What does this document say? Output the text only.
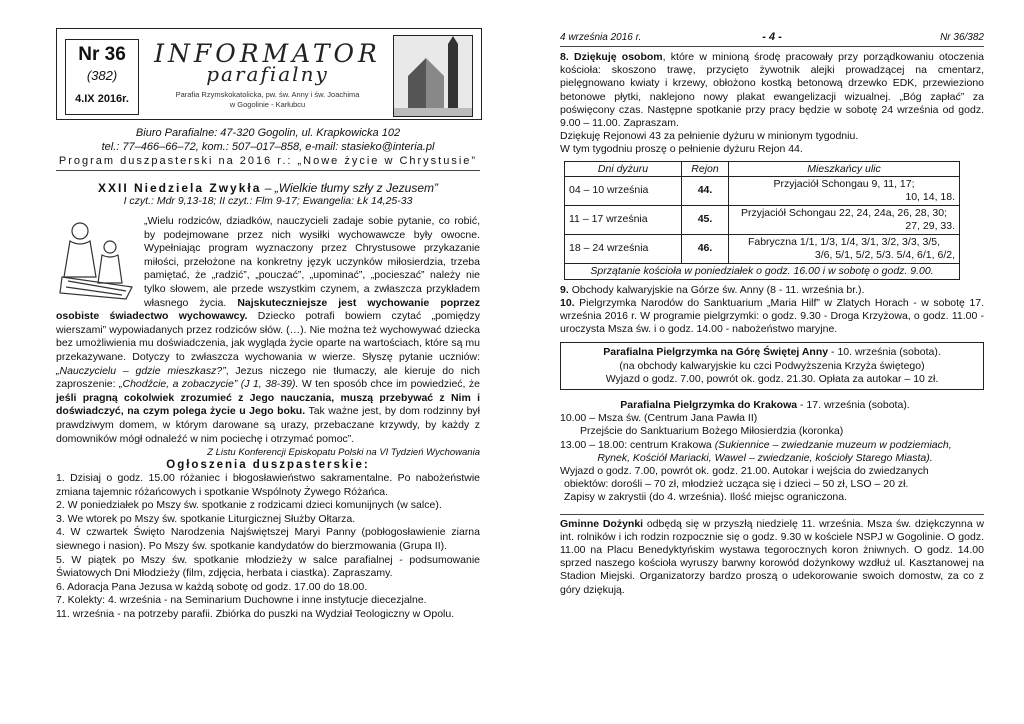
Nr 36
(382)
4.IX 2016r.
INFORMATOR
parafialny
Parafia Rzymskokatolicka, pw. św. Anny i św. Joachima
w Gogolinie - Karłubcu
Biuro Parafialne: 47-320 Gogolin, ul. Krapkowicka 102
tel.: 77–466–66–72, kom.: 507–017–858, e-mail: stasieko@interia.pl
Program duszpasterski na 2016 r.: „Nowe życie w Chrystusie”
XXII Niedziela Zwykła – „Wielkie tłumy szły z Jezusem”
I czyt.: Mdr 9,13-18; II czyt.: Flm 9-17; Ewangelia: Łk 14,25-33
„Wielu rodziców, dziadków, nauczycieli zadaje sobie pytanie, co robić, by podejmowane przez nich wysiłki wychowawcze były owocne. Wypełniając program wyznaczony przez Chrystusowe przykazanie miłości, przełożone na konkretny język uczynków miłosierdzia, trzeba pamiętać, że „radzić”, „pouczać”, „upominać”, „pocieszać” należy nie tylko słowem, ale przede wszystkim czynem, a zwłaszcza przykładem własnego życia. Najskuteczniejsze jest wychowanie poprzez osobiste świadectwo wychowawcy. Dziecko potrafi bowiem czytać „pomiędzy wierszami” wypowiadanych przez rodziców słów. (…). Nie można też wychowywać dziecka bez umożliwienia mu doświadczenia, jak wygląda życie oparte na wartościach, które są mu przekazywane. Dotyczy to zwłaszcza wychowania w wierze. Słyszę pytanie uczniów: „Nauczycielu – gdzie mieszkasz?”, Jezus niczego nie tłumaczy, ale kieruje do nich zaproszenie: „Chodźcie, a zobaczycie” (J 1, 38-39). W ten sposób chce im powiedzieć, że jeśli pragną cokolwiek zrozumieć z Jego nauczania, muszą przebywać z Nim i doświadczyć, na czym polega życie u Jego boku. Tak ważne jest, by dom rodzinny był prawdziwym domem, w którym darowane są urazy, przebaczane krzywdy, by każdy z domowników mógł odnaleźć w nim pociechę i otrzymać pomoc”.
Z Listu Konferencji Episkopatu Polski na VI Tydzień Wychowania
Ogłoszenia duszpasterskie:
1. Dzisiaj o godz. 15.00 różaniec i błogosławieństwo sakramentalne. Po nabożeństwie zmiana tajemnic różańcowych i spotkanie Wspólnoty Żywego Różańca.
2. W poniedziałek po Mszy św. spotkanie z rodzicami dzieci komunijnych (w salce).
3. We wtorek po Mszy św. spotkanie Liturgicznej Służby Ołtarza.
4. W czwartek Święto Narodzenia Najświętszej Maryi Panny (pobłogosławienie ziarna siewnego i nasion). Po Mszy św. spotkanie kandydatów do bierzmowania (Grupa II).
5. W piątek po Mszy św. spotkanie młodzieży w salce parafialnej - podsumowanie Światowych Dni Młodzieży (film, zdjęcia, herbata i ciastka). Zapraszamy.
6. Adoracja Pana Jezusa w każdą sobotę od godz. 17.00 do 18.00.
7. Kolekty: 4. września - na Seminarium Duchowne i inne instytucje diecezjalne.
11. września - na potrzeby parafii. Zbiórka do puszki na Wydział Teologiczny w Opolu.
4 września 2016 r.	- 4 -	Nr 36/382
8. Dziękuję osobom, które w minioną środę pracowały przy porządkowaniu otoczenia kościoła: skoszono trawę, przycięto żywotnik alejki prowadzącej na cmentarz, pielęgnowano kwiaty i krzewy, obłożono kostką betonową drzewko EDK, przewieziono betonowe płytki, naklejono nowy plakat ewangelizacji wizualnej. „Bóg zapłać” za poświęcony czas. Następne spotkanie przy pracy będzie w sobotę 24 września od godz. 9.00 – 11.00. Zapraszam.
Dziękuję Rejonowi 43 za pełnienie dyżuru w minionym tygodniu.
W tym tygodniu proszę o pełnienie dyżuru Rejon 44.
Dni dyżuru	Rejon	Mieszkańcy ulic
04 – 10 września	44.	Przyjaciół Schongau 9, 11, 17;
10, 14, 18.

11 – 17 września	45.	Przyjaciół Schongau 22, 24, 24a, 26, 28, 30;
27, 29, 33.

18 – 24 września	46.	Fabryczna 1/1, 1/3, 1/4, 3/1, 3/2, 3/3, 3/5,
3/6, 5/1, 5/2, 5/3. 5/4, 6/1, 6/2,

Sprzątanie kościoła w poniedziałek o godz. 16.00 i w sobotę o godz. 9.00.		
9. Obchody kalwaryjskie na Górze św. Anny (8 - 11. września br.).
10. Pielgrzymka Narodów do Sanktuarium „Maria Hilf” w Zlatych Horach - w sobotę 17. września 2016 r. W programie pielgrzymki: o godz. 9.30 - Droga Krzyżowa, o godz. 11.00 - uroczysta Msza św. i o godz. 14.00 - nabożeństwo maryjne.
Parafialna Pielgrzymka na Górę Świętej Anny - 10. września (sobota).
(na obchody kalwaryjskie ku czci Podwyższenia Krzyża świętego)
Wyjazd o godz. 7.00, powrót ok. godz. 21.30. Opłata za autokar – 10 zł.
Parafialna Pielgrzymka do Krakowa - 17. września (sobota).
10.00 – Msza św. (Centrum Jana Pawła II)
Przejście do Sanktuarium Bożego Miłosierdzia (koronka)
13.00 – 18.00: centrum Krakowa (Sukiennice – zwiedzanie muzeum w podziemiach,
Rynek, Kościół Mariacki, Wawel – zwiedzanie, kościoły Starego Miasta).
Wyjazd o godz. 7.00, powrót ok. godz. 21.00. Autokar i wejścia do zwiedzanych
obiektów: dorośli – 70 zł, młodzież ucząca się i dzieci – 50 zł, LSO – 20 zł.
Zapisy w zakrystii (do 4. września). Ilość miejsc ograniczona.
Gminne Dożynki odbędą się w przyszłą niedzielę 11. września. Msza św. dziękczynna w int. rolników i ich rodzin rozpocznie się o godz. 9.30 w kościele NSPJ w Gogolinie. O godz. 11.00 na Placu Benedyktyńskim wystawa tegorocznych koron żniwnych. O godz. 14.00 sprzed naszego kościoła wyruszy barwny korowód dożynkowy wzdłuż ul. Kasztanowej na Stadion Miejski. Organizatorzy bardzo proszą o udekorowanie swoich domostw, za co z góry dziękują.
